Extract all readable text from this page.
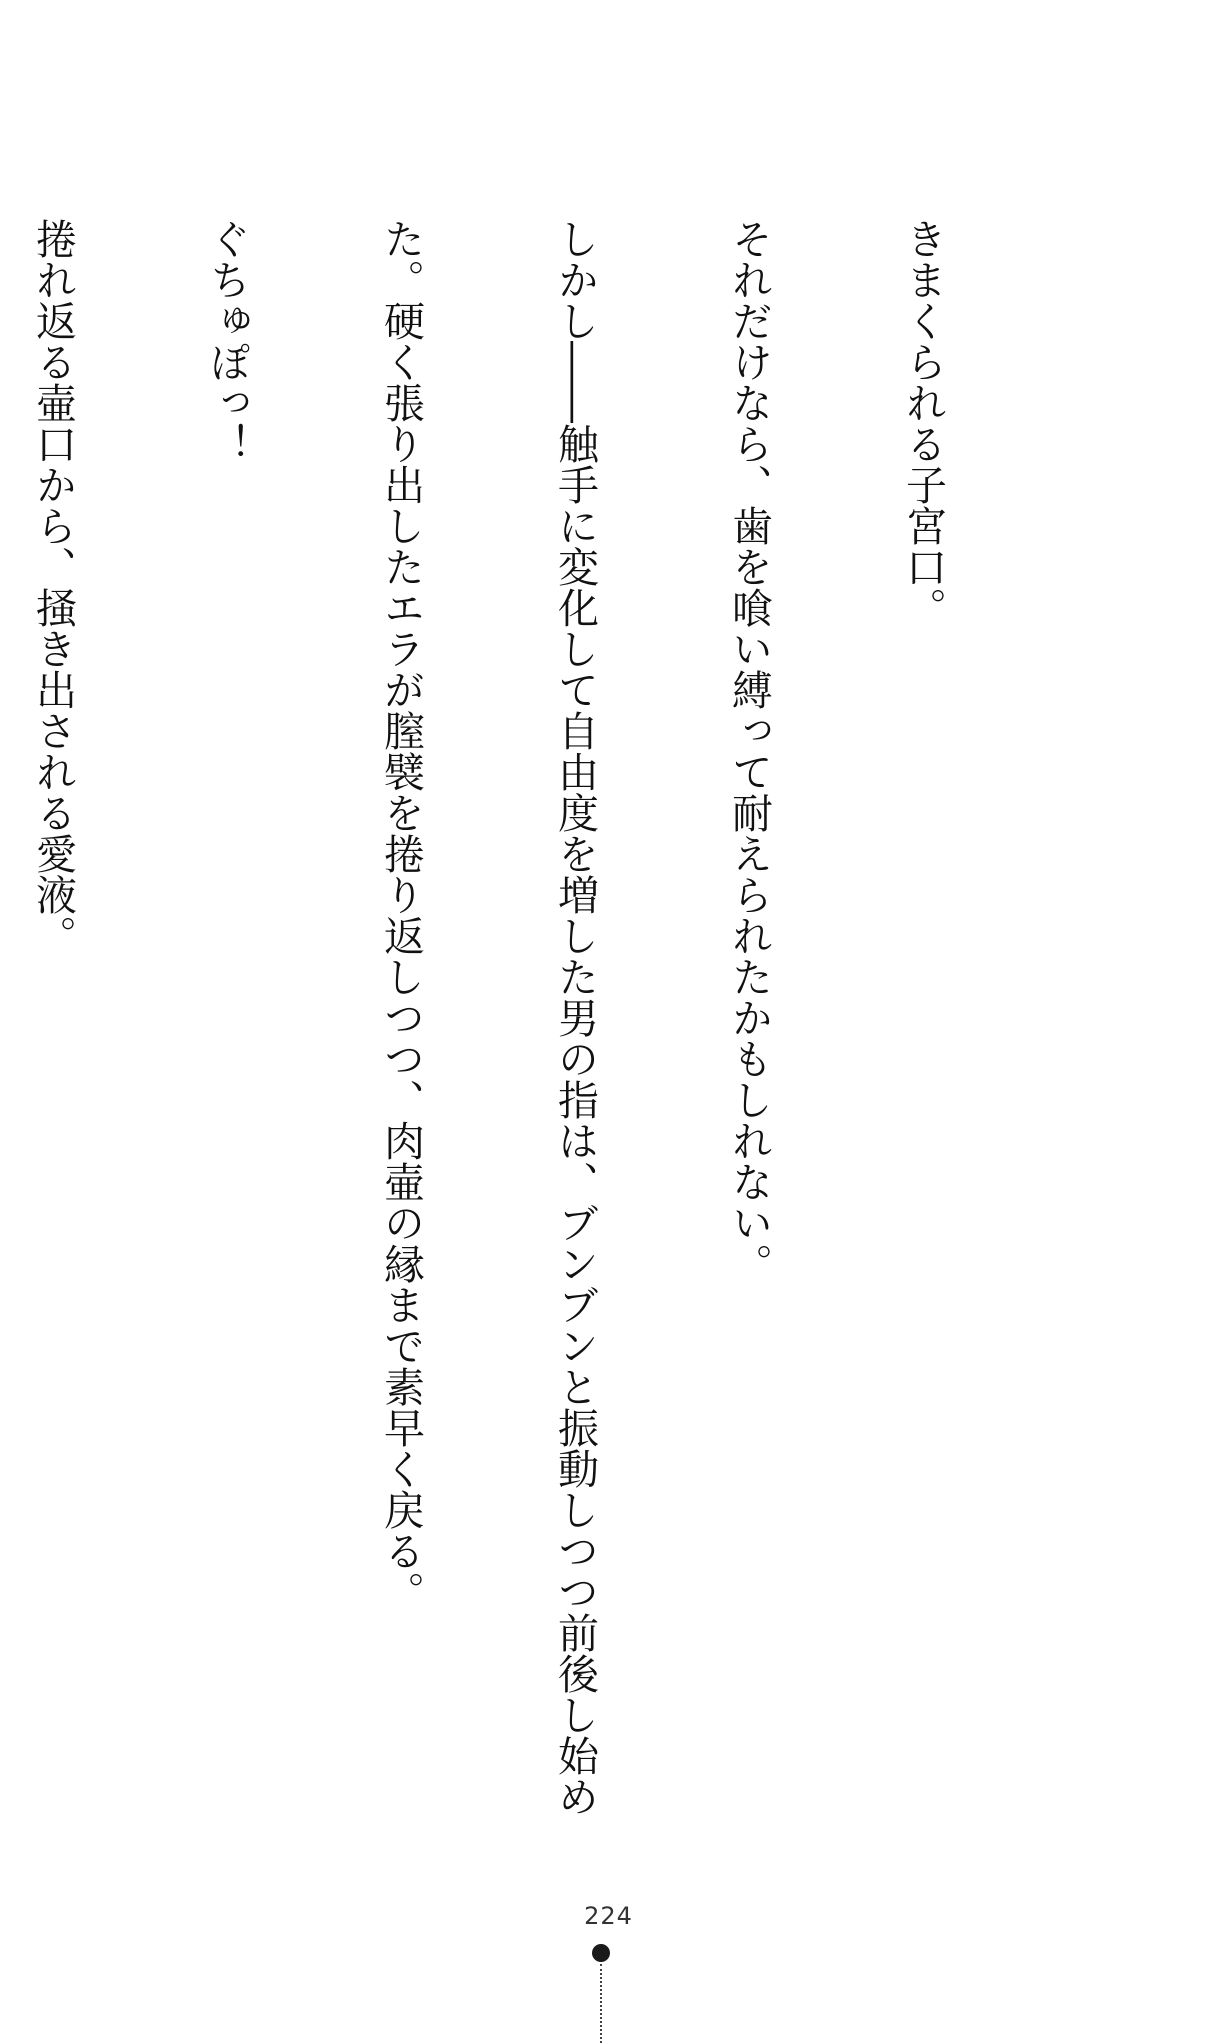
きまくられる子宮口。

それだけなら、歯を喰い縛って耐えられたかもしれない。

しかし――触手に変化して自由度を増した男の指は、ブンブンと振動しつつ前後し始め

た。硬く張り出したエラが膣襞を捲り返しつつ、肉壷の縁まで素早く戻る。

ぐちゅぽっ！

捲れ返る壷口から、掻き出される愛液。

224
